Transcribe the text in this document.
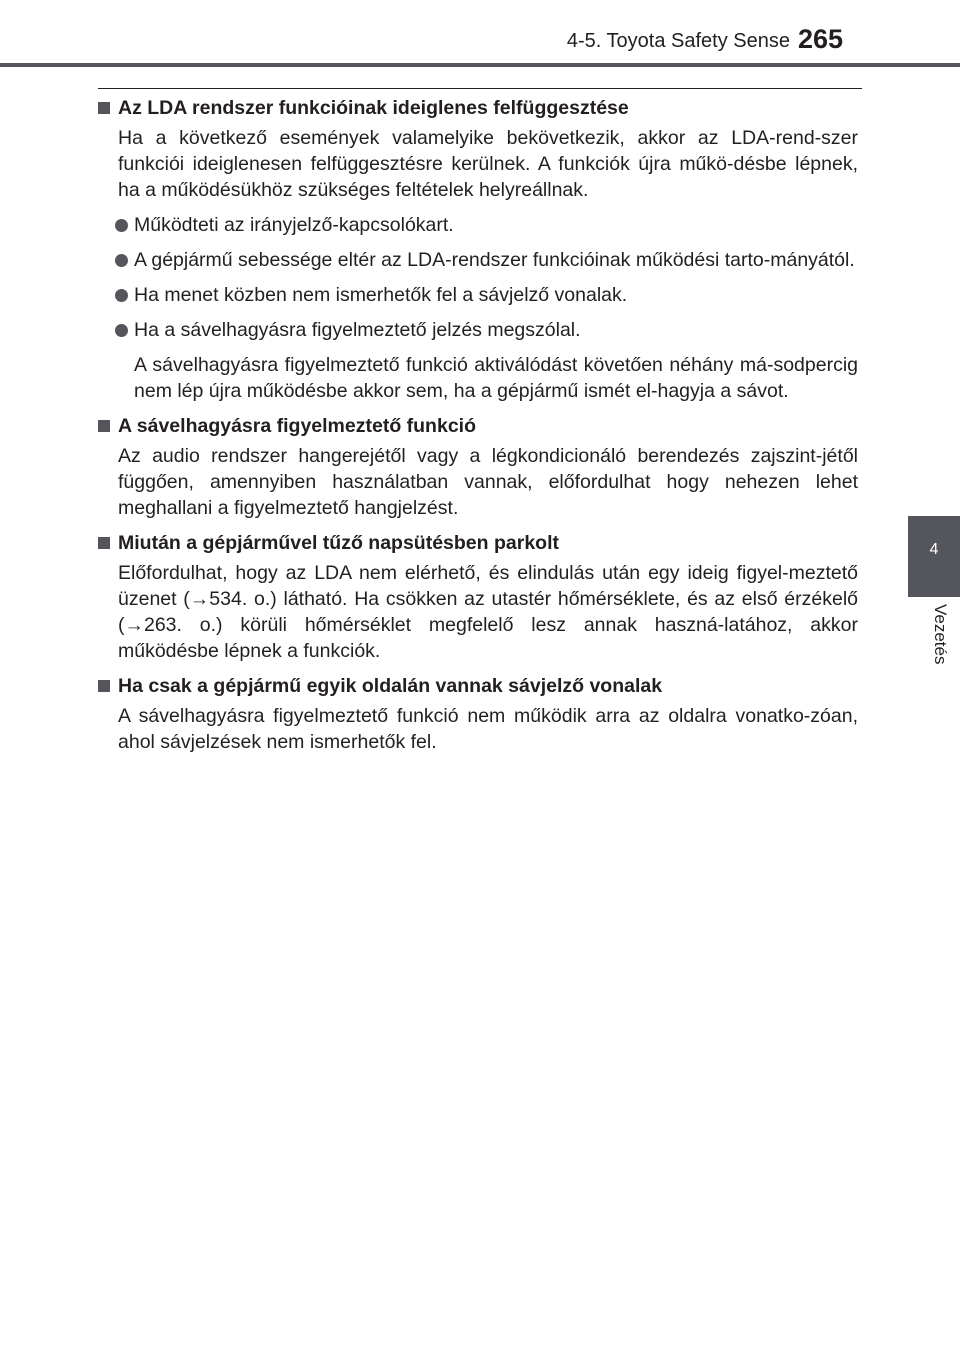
4-5. Toyota Safety Sense 265
4
Vezetés
Az LDA rendszer funkcióinak ideiglenes felfüggesztése

Ha a következő események valamelyike bekövetkezik, akkor az LDA-rend-szer funkciói ideiglenesen felfüggesztésre kerülnek. A funkciók újra műkö-désbe lépnek, ha a működésükhöz szükséges feltételek helyreállnak.

Működteti az irányjelző-kapcsolókart.
A gépjármű sebessége eltér az LDA-rendszer funkcióinak működési tarto-mányától.
Ha menet közben nem ismerhetők fel a sávjelző vonalak.
Ha a sávelhagyásra figyelmeztető jelzés megszólal.

A sávelhagyásra figyelmeztető funkció aktiválódást követően néhány má-sodpercig nem lép újra működésbe akkor sem, ha a gépjármű ismét el-hagyja a sávot.

A sávelhagyásra figyelmeztető funkció

Az audio rendszer hangerejétől vagy a légkondicionáló berendezés zajszint-jétől függően, amennyiben használatban vannak, előfordulhat hogy nehezen lehet meghallani a figyelmeztető hangjelzést.

Miután a gépjárművel tűző napsütésben parkolt

Előfordulhat, hogy az LDA nem elérhető, és elindulás után egy ideig figyel-meztető üzenet (→534. o.) látható. Ha csökken az utastér hőmérséklete, és az első érzékelő (→263. o.) körüli hőmérséklet megfelelő lesz annak haszná-latához, akkor működésbe lépnek a funkciók.

Ha csak a gépjármű egyik oldalán vannak sávjelző vonalak

A sávelhagyásra figyelmeztető funkció nem működik arra az oldalra vonatko-zóan, ahol sávjelzések nem ismerhetők fel.
